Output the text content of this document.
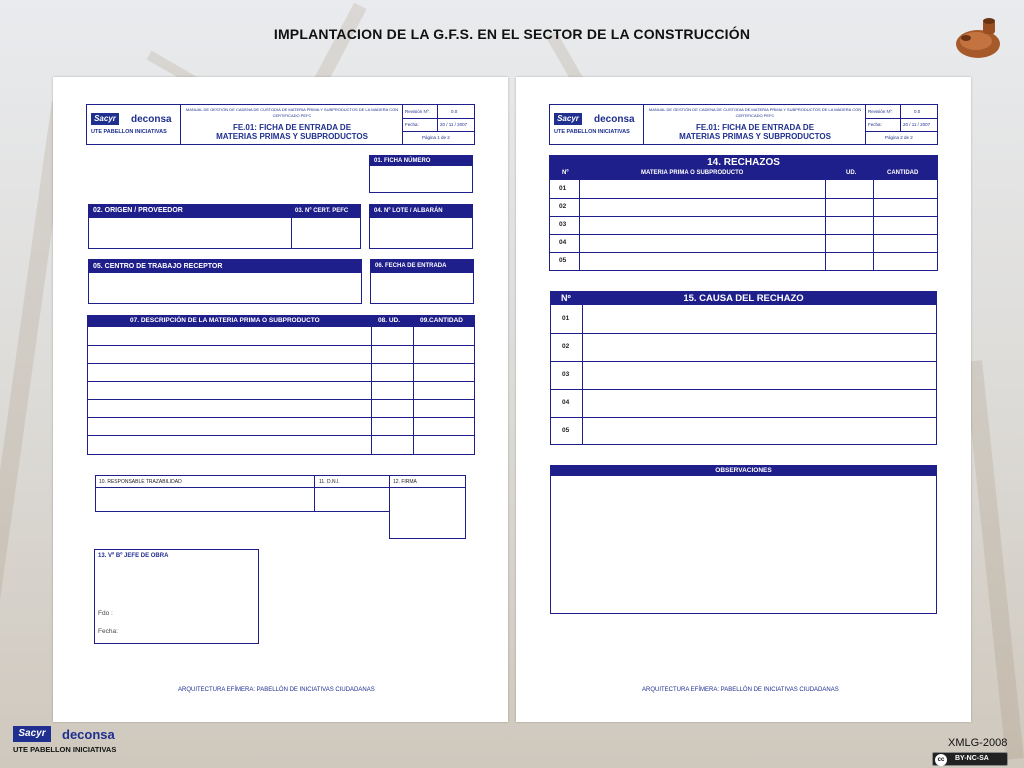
IMPLANTACION DE LA G.F.S. EN EL SECTOR DE LA CONSTRUCCIÓN
Sacyr	deconsa
UTE PABELLON INICIATIVAS
MANUAL DE GESTIÓN DE CADENA DE CUSTODIA DE MATERIA PRIMA Y SUBPRODUCTOS DE LA MADERA CON CERTIFICADO PEFC
FE.01: FICHA DE ENTRADA DE
MATERIAS PRIMAS Y SUBPRODUCTOS
Revisión Nº:	0.0
Fecha:	20 / 11 / 2007
Página 1 de 2
01. FICHA NÚMERO
02. ORIGEN / PROVEEDOR	03. Nº CERT. PEFC	04. Nº LOTE / ALBARÁN
05. CENTRO DE TRABAJO RECEPTOR	06. FECHA DE ENTRADA
07. DESCRIPCIÓN DE LA MATERIA PRIMA O SUBPRODUCTO	08. UD.	09.CANTIDAD
10. RESPONSABLE TRAZABILIDAD	11. D.N.I.	12. FIRMA
13. Vº Bº JEFE DE OBRA
Fdo :
Fecha:
ARQUITECTURA EFÍMERA: PABELLÓN DE INICIATIVAS CIUDADANAS
Sacyr	deconsa
UTE PABELLON INICIATIVAS
MANUAL DE GESTIÓN DE CADENA DE CUSTODIA DE MATERIA PRIMA Y SUBPRODUCTOS DE LA MADERA CON CERTIFICADO PEFC
FE.01: FICHA DE ENTRADA DE
MATERIAS PRIMAS Y SUBPRODUCTOS
Revisión Nº:	0.0
Fecha:	20 / 11 / 2007
Página 2 de 2
14. RECHAZOS
Nº	MATERIA PRIMA O SUBPRODUCTO	UD.	CANTIDAD
01
02
03
04
05
Nº	15. CAUSA DEL RECHAZO
01
02
03
04
05
OBSERVACIONES
ARQUITECTURA EFÍMERA: PABELLÓN DE INICIATIVAS CIUDADANAS
Sacyr	deconsa
UTE PABELLON INICIATIVAS
XMLG-2008
cc	BY-NC-SA
